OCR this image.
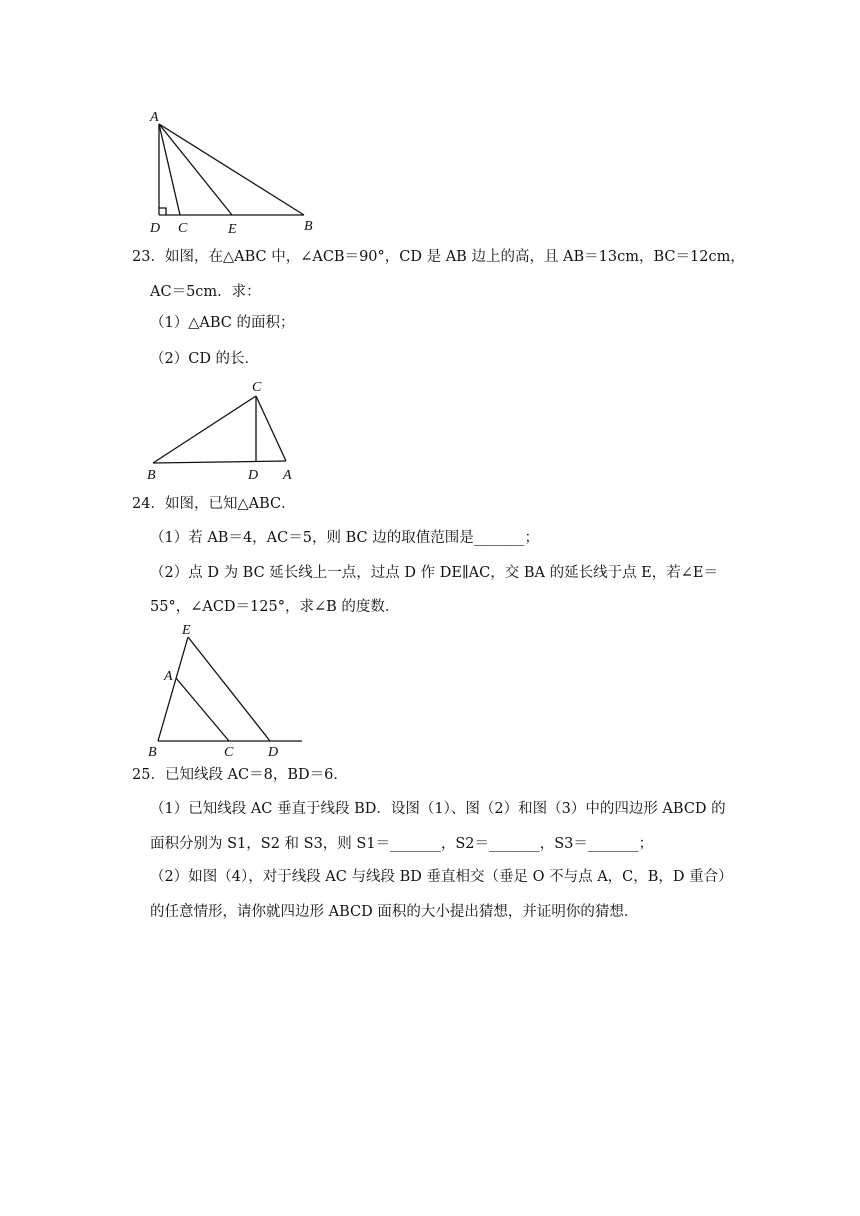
A
D C	E	B
23．如图，在△ABC 中，∠ACB＝90°，CD 是 AB 边上的高，且 AB＝13cm，BC＝12cm，
AC＝5cm．求：
（1）△ABC 的面积；
（2）CD 的长．
C
B	D A
24．如图，已知△ABC．
（1）若 AB＝4，AC＝5，则 BC 边的取值范围是_______；
（2）点 D 为 BC 延长线上一点，过点 D 作 DE∥AC，交 BA 的延长线于点 E，若∠E＝
55°，∠ACD＝125°，求∠B 的度数．
E
A
B	C D
25．已知线段 AC＝8，BD＝6．
（1）已知线段 AC 垂直于线段 BD．设图（1）、图（2）和图（3）中的四边形 ABCD 的
面积分别为 S1，S2 和 S3，则 S1＝_______，S2＝_______，S3＝_______；
（2）如图（4），对于线段 AC 与线段 BD 垂直相交（垂足 O 不与点 A，C，B，D 重合）
的任意情形，请你就四边形 ABCD 面积的大小提出猜想，并证明你的猜想．
